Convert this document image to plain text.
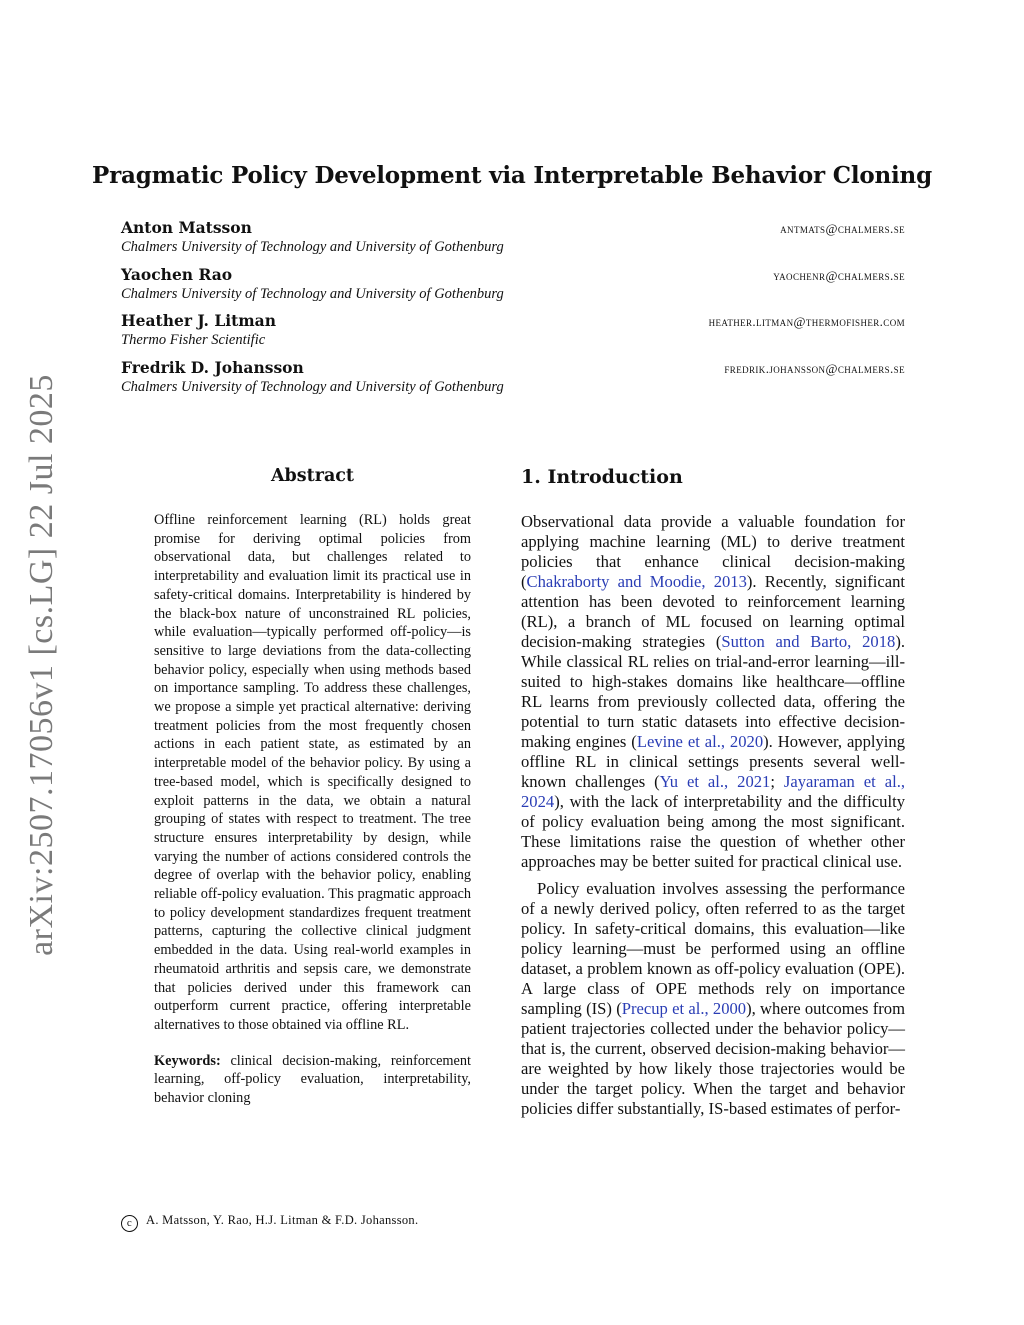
arXiv:2507.17056v1 [cs.LG] 22 Jul 2025
Pragmatic Policy Development via Interpretable Behavior Cloning
Anton Matsson	antmats@chalmers.se
Chalmers University of Technology and University of Gothenburg
Yaochen Rao	yaochenr@chalmers.se
Chalmers University of Technology and University of Gothenburg
Heather J. Litman	heather.litman@thermofisher.com
Thermo Fisher Scientific
Fredrik D. Johansson	fredrik.johansson@chalmers.se
Chalmers University of Technology and University of Gothenburg
Abstract

Offline reinforcement learning (RL) holds great promise for deriving optimal policies from observational data, but challenges related to interpretability and evaluation limit its practical use in safety-critical domains. Interpretability is hindered by the black-box nature of unconstrained RL policies, while evaluation—typically performed off-policy—is sensitive to large deviations from the data-collecting behavior policy, especially when using methods based on importance sampling. To address these challenges, we propose a simple yet practical alternative: deriving treatment policies from the most frequently chosen actions in each patient state, as estimated by an interpretable model of the behavior policy. By using a tree-based model, which is specifically designed to exploit patterns in the data, we obtain a natural grouping of states with respect to treatment. The tree structure ensures interpretability by design, while varying the number of actions considered controls the degree of overlap with the behavior policy, enabling reliable off-policy evaluation. This pragmatic approach to policy development standardizes frequent treatment patterns, capturing the collective clinical judgment embedded in the data. Using real-world examples in rheumatoid arthritis and sepsis care, we demonstrate that policies derived under this framework can outperform current practice, offering interpretable alternatives to those obtained via offline RL.

Keywords: clinical decision-making, reinforcement learning, off-policy evaluation, interpretability, behavior cloning

1. Introduction

Observational data provide a valuable foundation for applying machine learning (ML) to derive treatment policies that enhance clinical decision-making (Chakraborty and Moodie, 2013). Recently, significant attention has been devoted to reinforcement learning (RL), a branch of ML focused on learning optimal decision-making strategies (Sutton and Barto, 2018). While classical RL relies on trial-and-error learning—ill-suited to high-stakes domains like healthcare—offline RL learns from previously collected data, offering the potential to turn static datasets into effective decision-making engines (Levine et al., 2020). However, applying offline RL in clinical settings presents several well-known challenges (Yu et al., 2021; Jayaraman et al., 2024), with the lack of interpretability and the difficulty of policy evaluation being among the most significant. These limitations raise the question of whether other approaches may be better suited for practical clinical use.

Policy evaluation involves assessing the performance of a newly derived policy, often referred to as the target policy. In safety-critical domains, this evaluation—like policy learning—must be performed using an offline dataset, a problem known as off-policy evaluation (OPE). A large class of OPE methods rely on importance sampling (IS) (Precup et al., 2000), where outcomes from patient trajectories collected under the behavior policy—that is, the current, observed decision-making behavior—are weighted by how likely those trajectories would be under the target policy. When the target and behavior policies differ substantially, IS-based estimates of perfor-

c A. Matsson, Y. Rao, H.J. Litman & F.D. Johansson.
